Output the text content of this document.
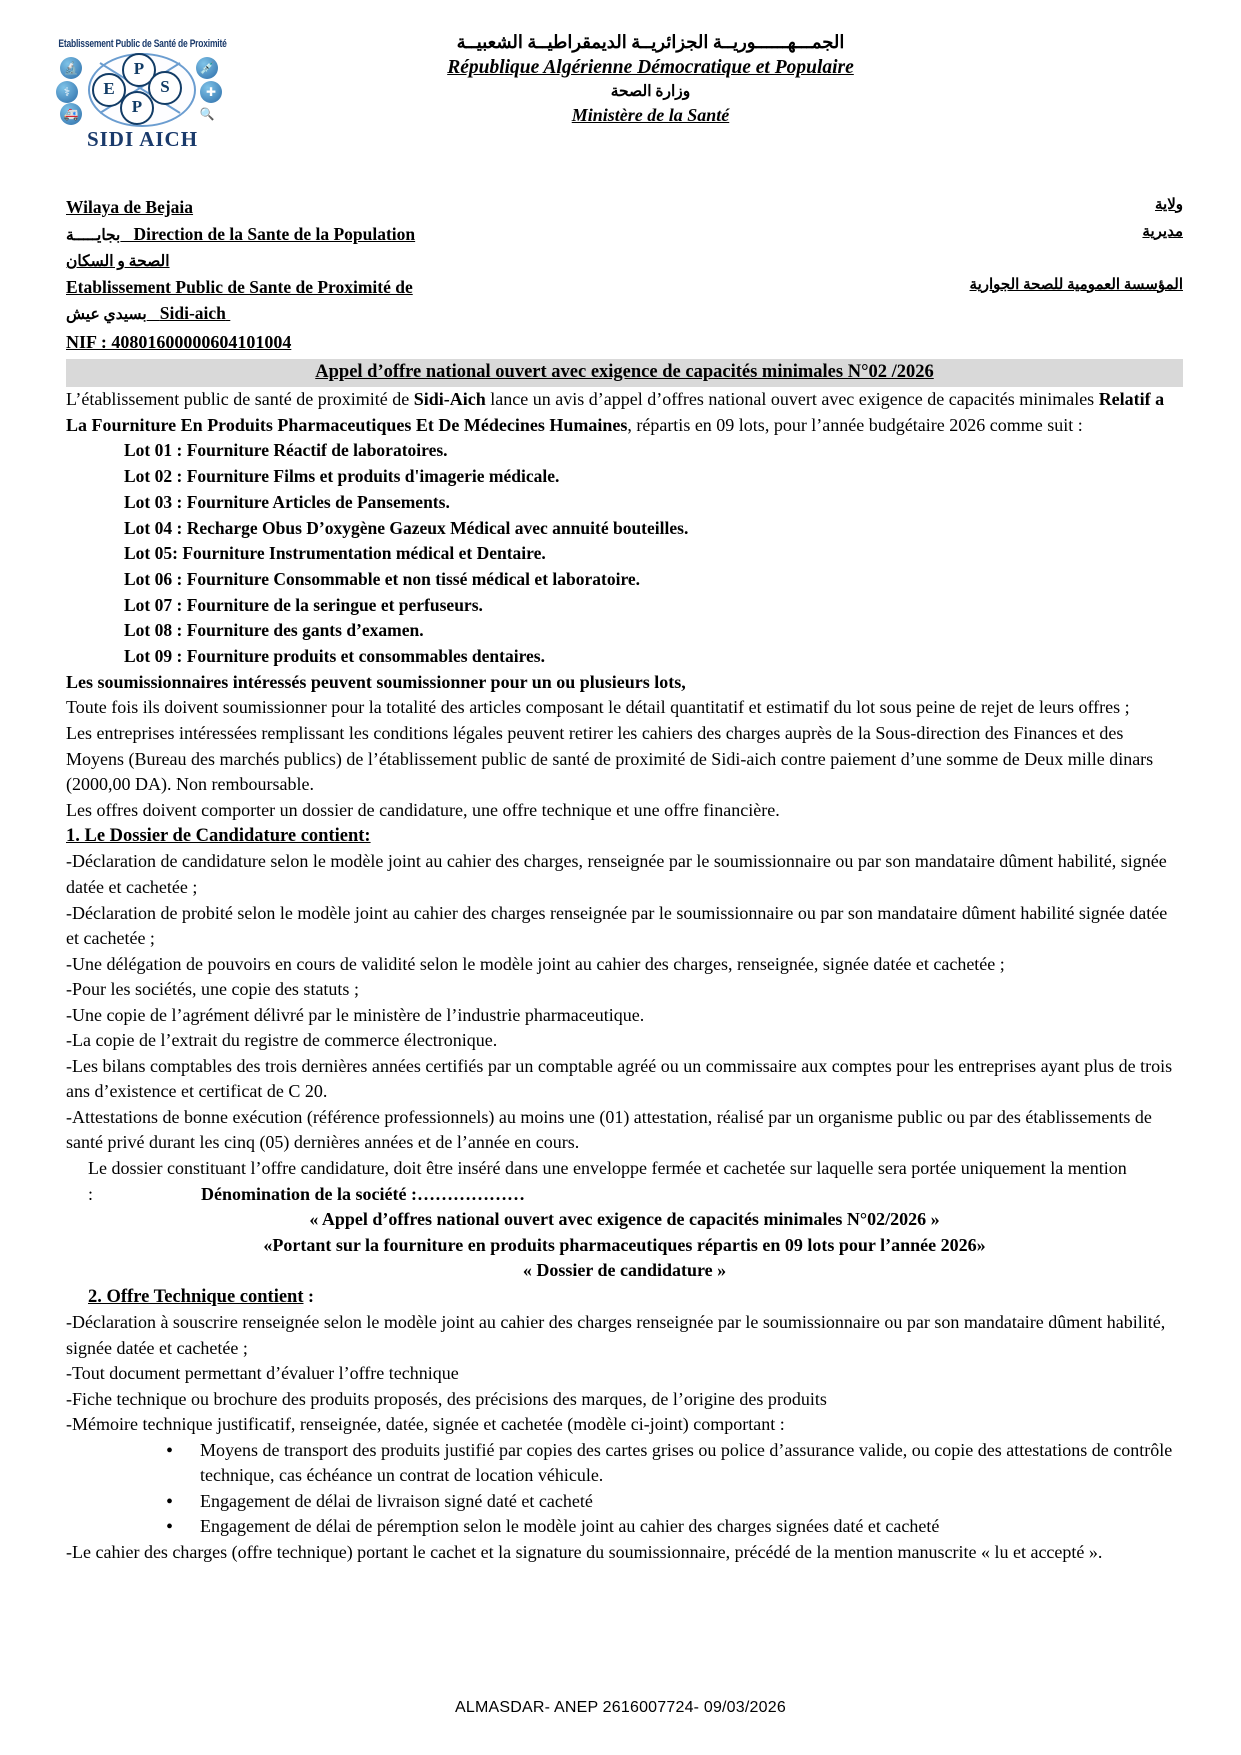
Etablissement Public de Santé de Proximité
E
P
S
P
🔬
⚕
🚑
💉
✚
🔍
SIDI AICH
الجمـــهــــــوريــة الجزائريــة الديمقراطيــة الشعبيــة
République Algérienne Démocratique et Populaire
وزارة الصحة
Ministère de la Santé
Wilaya de Bejaia	ولاية
بجايـــــة Direction de la Sante de la Population	مديرية
الصحة و السكان
Etablissement Public de Sante de Proximité de	المؤسسة العمومية للصحة الجوارية
بسيدي عيش Sidi-aich
NIF : 40801600000604101004
Appel d’offre national ouvert avec exigence de capacités minimales N°02 /2026

L’établissement public de santé de proximité de Sidi-Aich lance un avis d’appel d’offres national ouvert avec exigence de capacités minimales Relatif a La Fourniture En Produits Pharmaceutiques Et De Médecines Humaines, répartis en 09 lots, pour l’année budgétaire 2026 comme suit :

Lot 01 : Fourniture Réactif de laboratoires.
Lot 02 : Fourniture Films et produits d'imagerie médicale.
Lot 03 : Fourniture Articles de Pansements.
Lot 04 : Recharge Obus D’oxygène Gazeux Médical avec annuité bouteilles.
Lot 05: Fourniture Instrumentation médical et Dentaire.
Lot 06 : Fourniture Consommable et non tissé médical et laboratoire.
Lot 07 : Fourniture de la seringue et perfuseurs.
Lot 08 : Fourniture des gants d’examen.
Lot 09 : Fourniture produits et consommables dentaires.

Les soumissionnaires intéressés peuvent soumissionner pour un ou plusieurs lots,

Toute fois ils doivent soumissionner pour la totalité des articles composant le détail quantitatif et estimatif du lot sous peine de rejet de leurs offres ;

Les entreprises intéressées remplissant les conditions légales peuvent retirer les cahiers des charges auprès de la Sous-direction des Finances et des Moyens (Bureau des marchés publics) de l’établissement public de santé de proximité de Sidi-aich contre paiement d’une somme de Deux mille dinars (2000,00 DA). Non remboursable.

Les offres doivent comporter un dossier de candidature, une offre technique et une offre financière.

1. Le Dossier de Candidature contient:

-Déclaration de candidature selon le modèle joint au cahier des charges, renseignée par le soumissionnaire ou par son mandataire dûment habilité, signée datée et cachetée ;

-Déclaration de probité selon le modèle joint au cahier des charges renseignée par le soumissionnaire ou par son mandataire dûment habilité signée datée et cachetée ;

-Une délégation de pouvoirs en cours de validité selon le modèle joint au cahier des charges, renseignée, signée datée et cachetée ;

-Pour les sociétés, une copie des statuts ;

-Une copie de l’agrément délivré par le ministère de l’industrie pharmaceutique.

-La copie de l’extrait du registre de commerce électronique.

-Les bilans comptables des trois dernières années certifiés par un comptable agréé ou un commissaire aux comptes pour les entreprises ayant plus de trois ans d’existence et certificat de C 20.

-Attestations de bonne exécution (référence professionnels) au moins une (01) attestation, réalisé par un organisme public ou par des établissements de santé privé durant les cinq (05) dernières années et de l’année en cours.

Le dossier constituant l’offre candidature, doit être inséré dans une enveloppe fermée et cachetée sur laquelle sera portée uniquement la mention :	Dénomination de la société :………………

« Appel d’offres national ouvert avec exigence de capacités minimales N°02/2026 »

«Portant sur la fourniture en produits pharmaceutiques répartis en 09 lots pour l’année 2026»

« Dossier de candidature »

2. Offre Technique contient :

-Déclaration à souscrire renseignée selon le modèle joint au cahier des charges renseignée par le soumissionnaire ou par son mandataire dûment habilité, signée datée et cachetée ;

-Tout document permettant d’évaluer l’offre technique

-Fiche technique ou brochure des produits proposés, des précisions des marques, de l’origine des produits

-Mémoire technique justificatif, renseignée, datée, signée et cachetée (modèle ci-joint) comportant :

• Moyens de transport des produits justifié par copies des cartes grises ou police d’assurance valide, ou copie des attestations de contrôle technique, cas échéance un contrat de location véhicule.
• Engagement de délai de livraison signé daté et cacheté
• Engagement de délai de péremption selon le modèle joint au cahier des charges signées daté et cacheté

-Le cahier des charges (offre technique) portant le cachet et la signature du soumissionnaire, précédé de la mention manuscrite « lu et accepté ».

ALMASDAR- ANEP 2616007724- 09/03/2026
